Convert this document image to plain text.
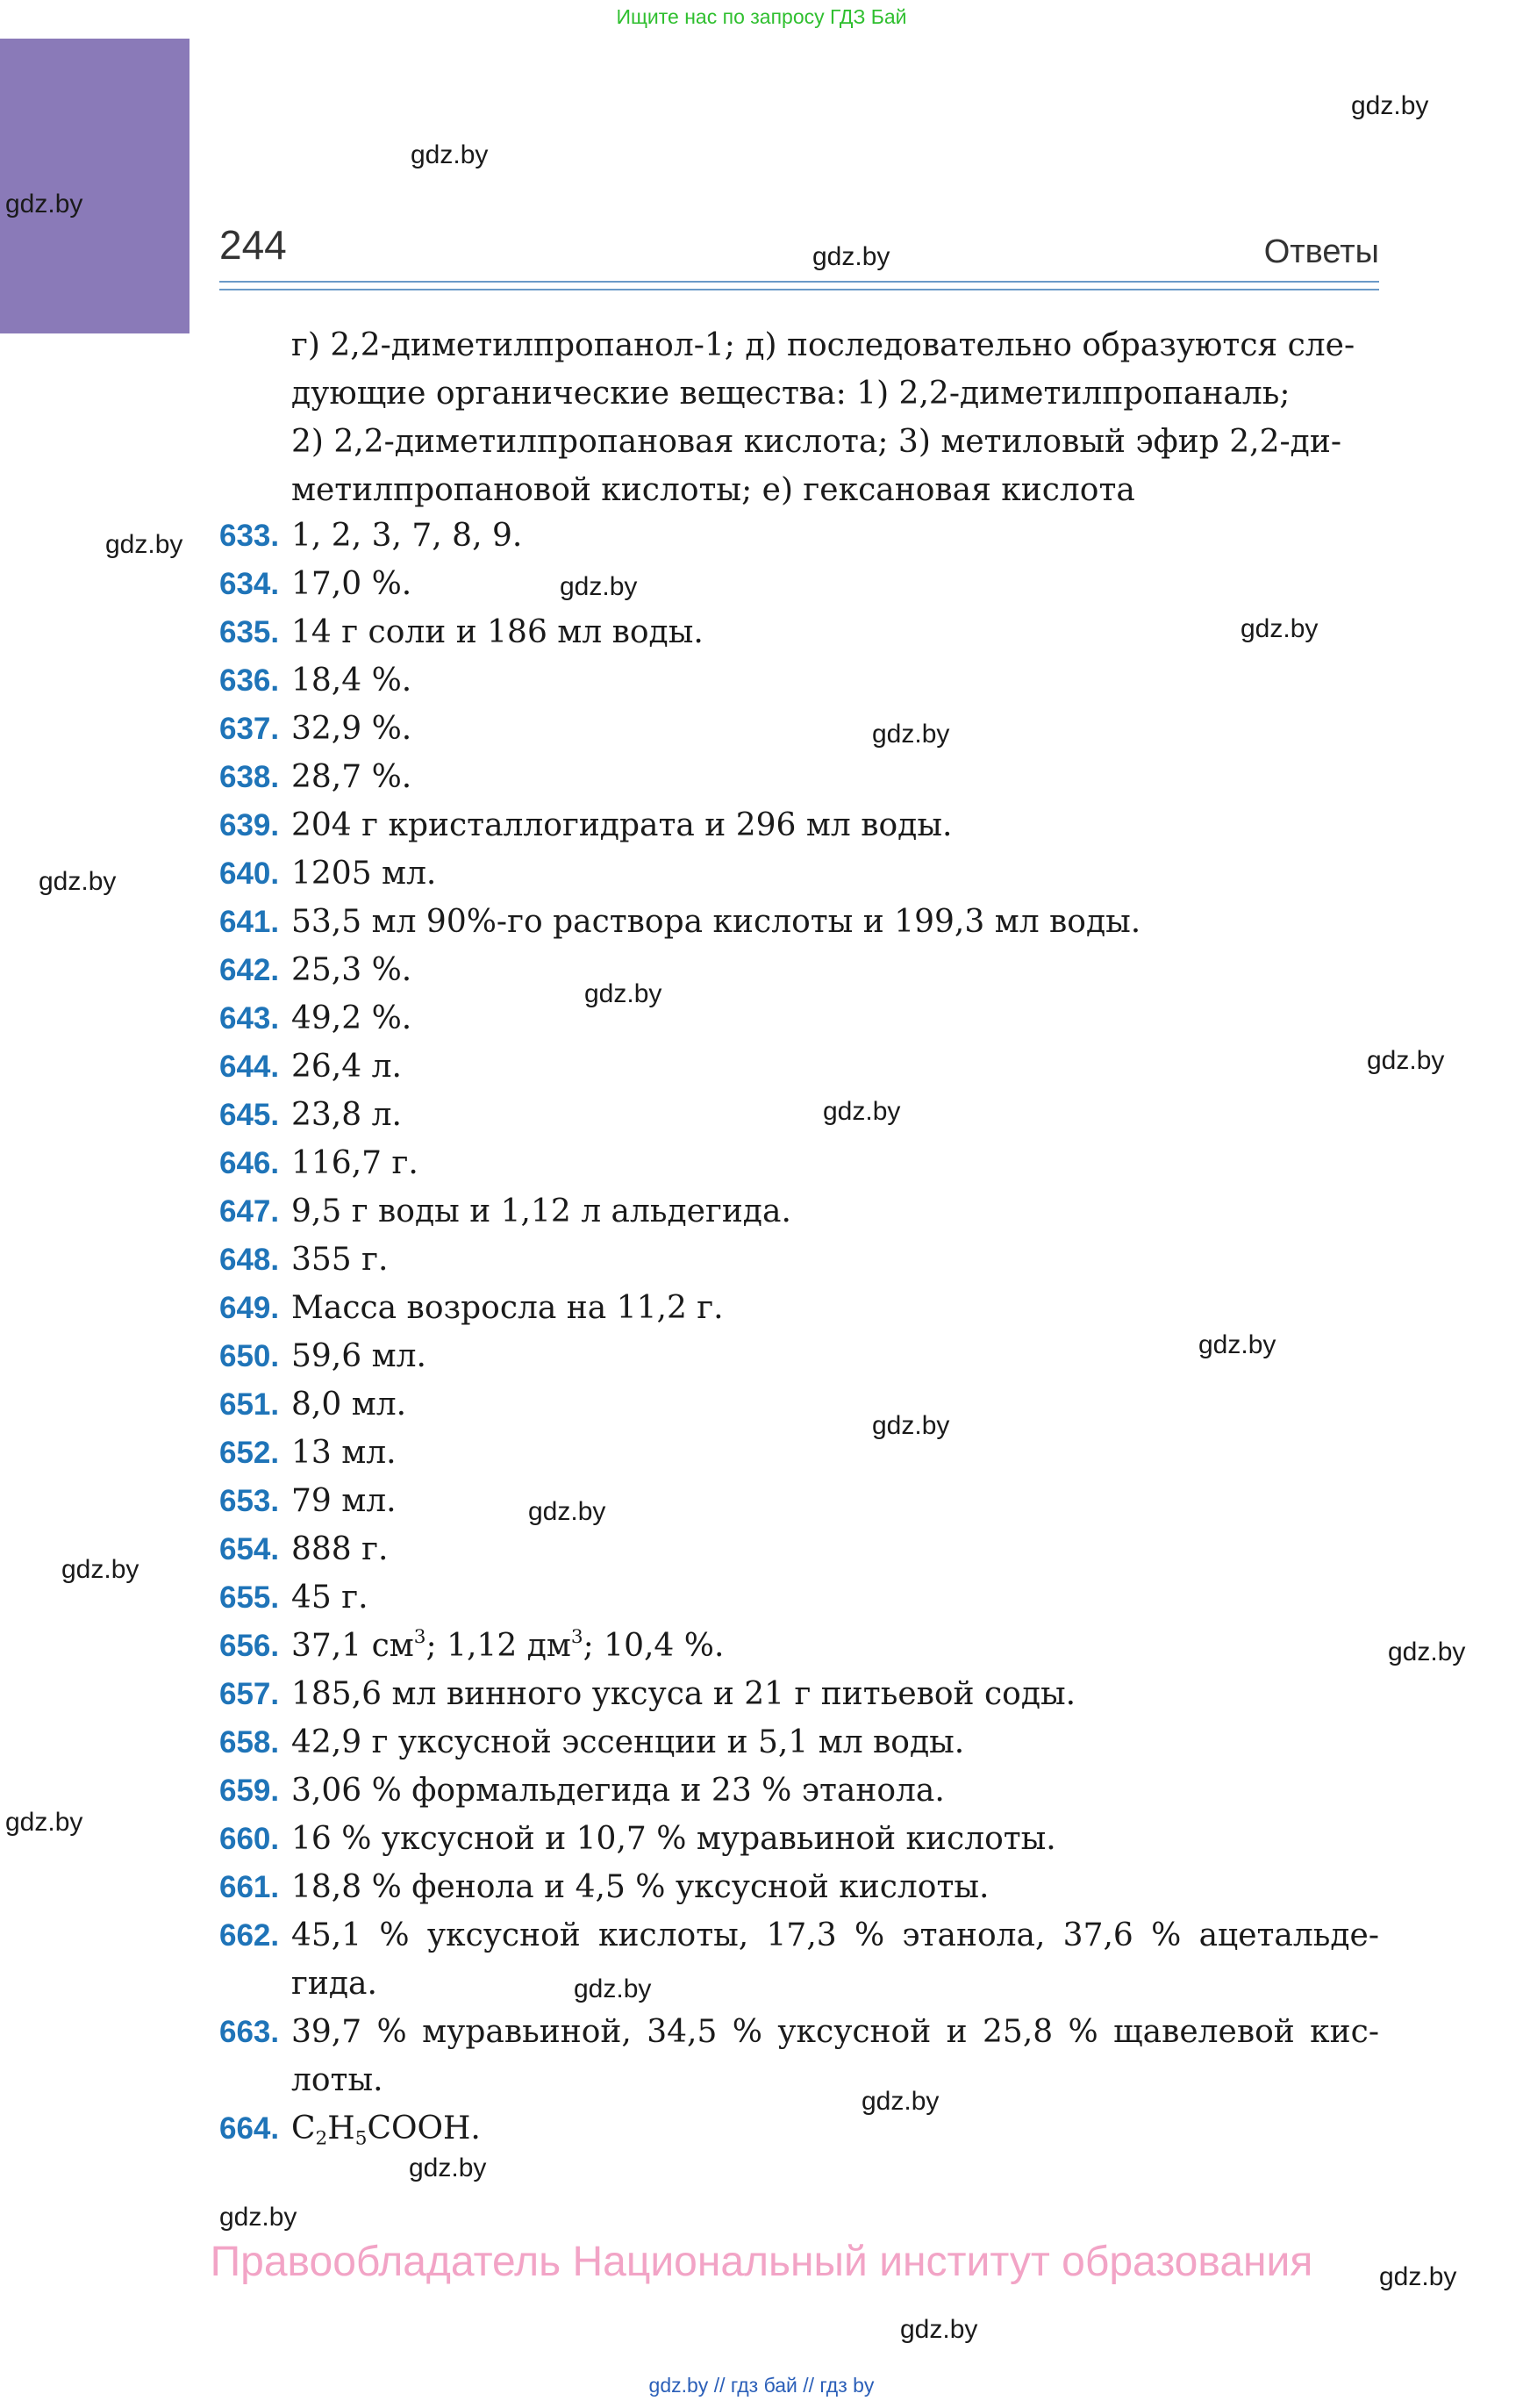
Ищите нас по запросу ГДЗ Бай
244	Ответы
г) 2,2-диметилпропанол-1; д) последовательно образуются сле-
дующие органические вещества: 1) 2,2-диметилпропаналь;
2) 2,2-диметилпропановая кислота; 3) метиловый эфир 2,2-ди-
метилпропановой кислоты; е) гексановая кислота
633. 1, 2, 3, 7, 8, 9.
634. 17,0 %.
635. 14 г соли и 186 мл воды.
636. 18,4 %.
637. 32,9 %.
638. 28,7 %.
639. 204 г кристаллогидрата и 296 мл воды.
640. 1205 мл.
641. 53,5 мл 90%-го раствора кислоты и 199,3 мл воды.
642. 25,3 %.
643. 49,2 %.
644. 26,4 л.
645. 23,8 л.
646. 116,7 г.
647. 9,5 г воды и 1,12 л альдегида.
648. 355 г.
649. Масса возросла на 11,2 г.
650. 59,6 мл.
651. 8,0 мл.
652. 13 мл.
653. 79 мл.
654. 888 г.
655. 45 г.
656. 37,1 $см^3$; 1,12 $дм^3$; 10,4 %.
657. 185,6 мл винного уксуса и 21 г питьевой соды.
658. 42,9 г уксусной эссенции и 5,1 мл воды.
659. 3,06 % формальдегида и 23 % этанола.
660. 16 % уксусной и 10,7 % муравьиной кислоты.
661. 18,8 % фенола и 4,5 % уксусной кислоты.
662. 45,1 % уксусной кислоты, 17,3 % этанола, 37,6 % ацетальде-гида.
663. 39,7 % муравьиной, 34,5 % уксусной и 25,8 % щавелевой кис-лоты.
664. $C_2H_5COOH$.
gdz.by
gdz.by
gdz.by
gdz.by
gdz.by
gdz.by
gdz.by
gdz.by
gdz.by
gdz.by
gdz.by
gdz.by
gdz.by
gdz.by
gdz.by
gdz.by
gdz.by
gdz.by
gdz.by
gdz.by
gdz.by
gdz.by
gdz.by
gdz.by
Правообладатель Национальный институт образования
gdz.by // гдз бай // гдз by
